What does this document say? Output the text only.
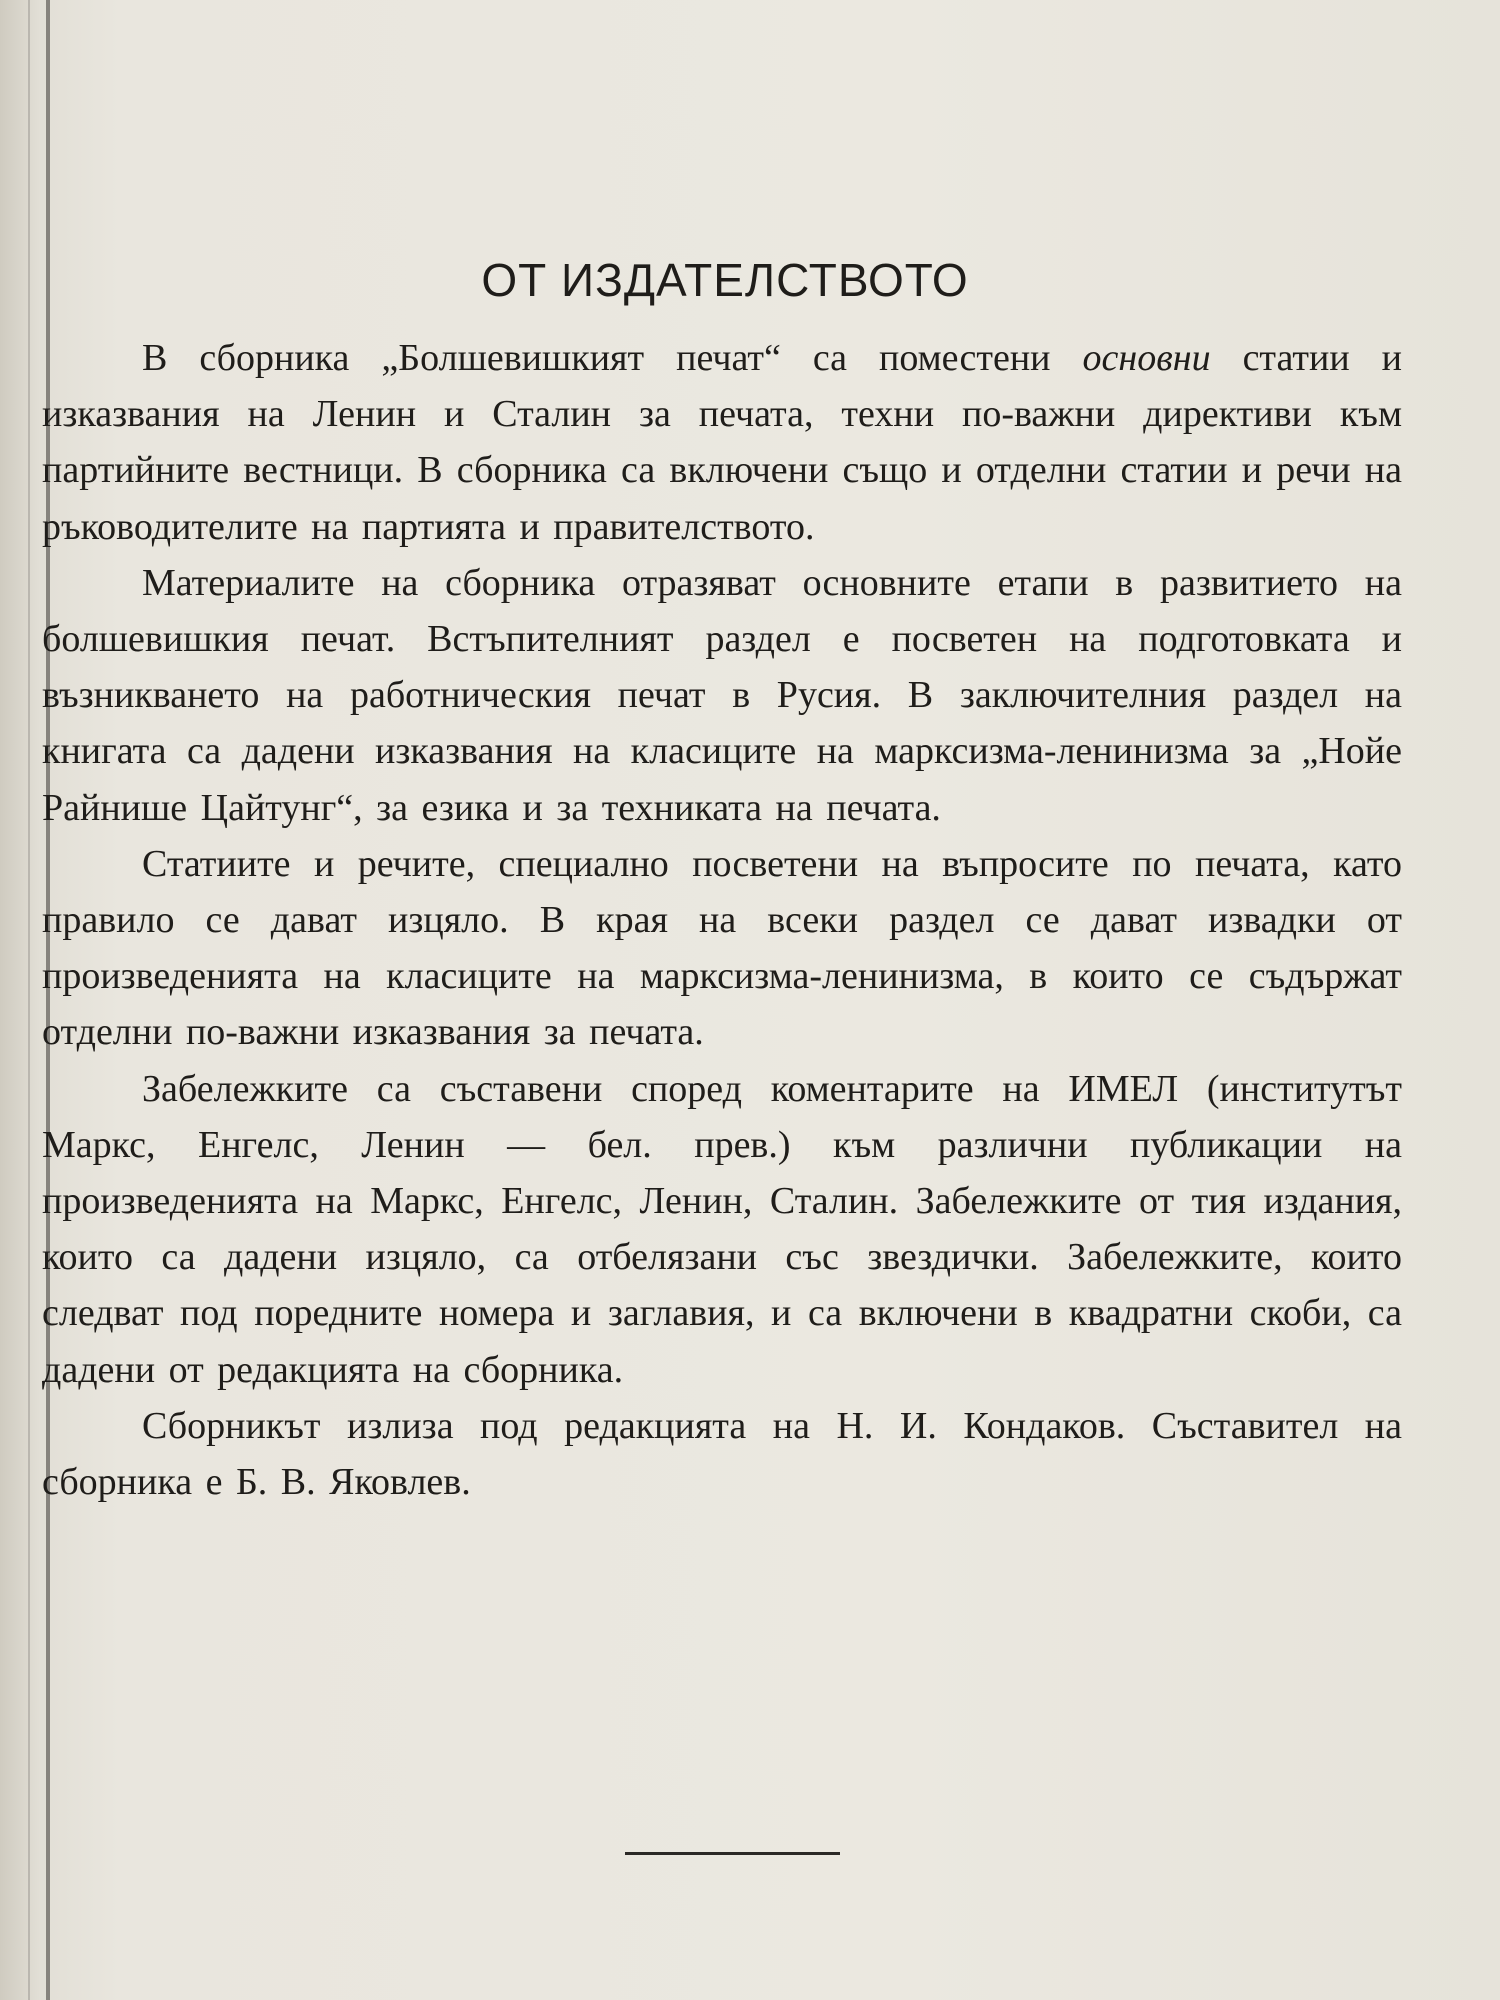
ОТ ИЗДАТЕЛСТВОТО

В сборника „Болшевишкият печат“ са поместени основни статии и изказвания на Ленин и Сталин за печата, техни по-важни директиви към партийните вестници. В сборника са включени също и отделни статии и речи на ръководителите на партията и правителството.

Материалите на сборника отразяват основните етапи в развитието на болшевишкия печат. Встъпителният раздел е посветен на подготовката и възникването на работническия печат в Русия. В заключителния раздел на книгата са дадени изказвания на класиците на марксизма-ленинизма за „Нойе Райнише Цайтунг“, за езика и за техниката на печата.

Статиите и речите, специално посветени на въпросите по печата, като правило се дават изцяло. В края на всеки раздел се дават извадки от произведенията на класиците на марксизма-ленинизма, в които се съдържат отделни по-важни изказвания за печата.

Забележките са съставени според коментарите на ИМЕЛ (институтът Маркс, Енгелс, Ленин — бел. прев.) към различни публикации на произведенията на Маркс, Енгелс, Ленин, Сталин. Забележките от тия издания, които са дадени изцяло, са отбелязани със звездички. Забележките, които следват под поредните номера и заглавия, и са включени в квадратни скоби, са дадени от редакцията на сборника.

Сборникът излиза под редакцията на Н. И. Кондаков. Съставител на сборника е Б. В. Яковлев.
